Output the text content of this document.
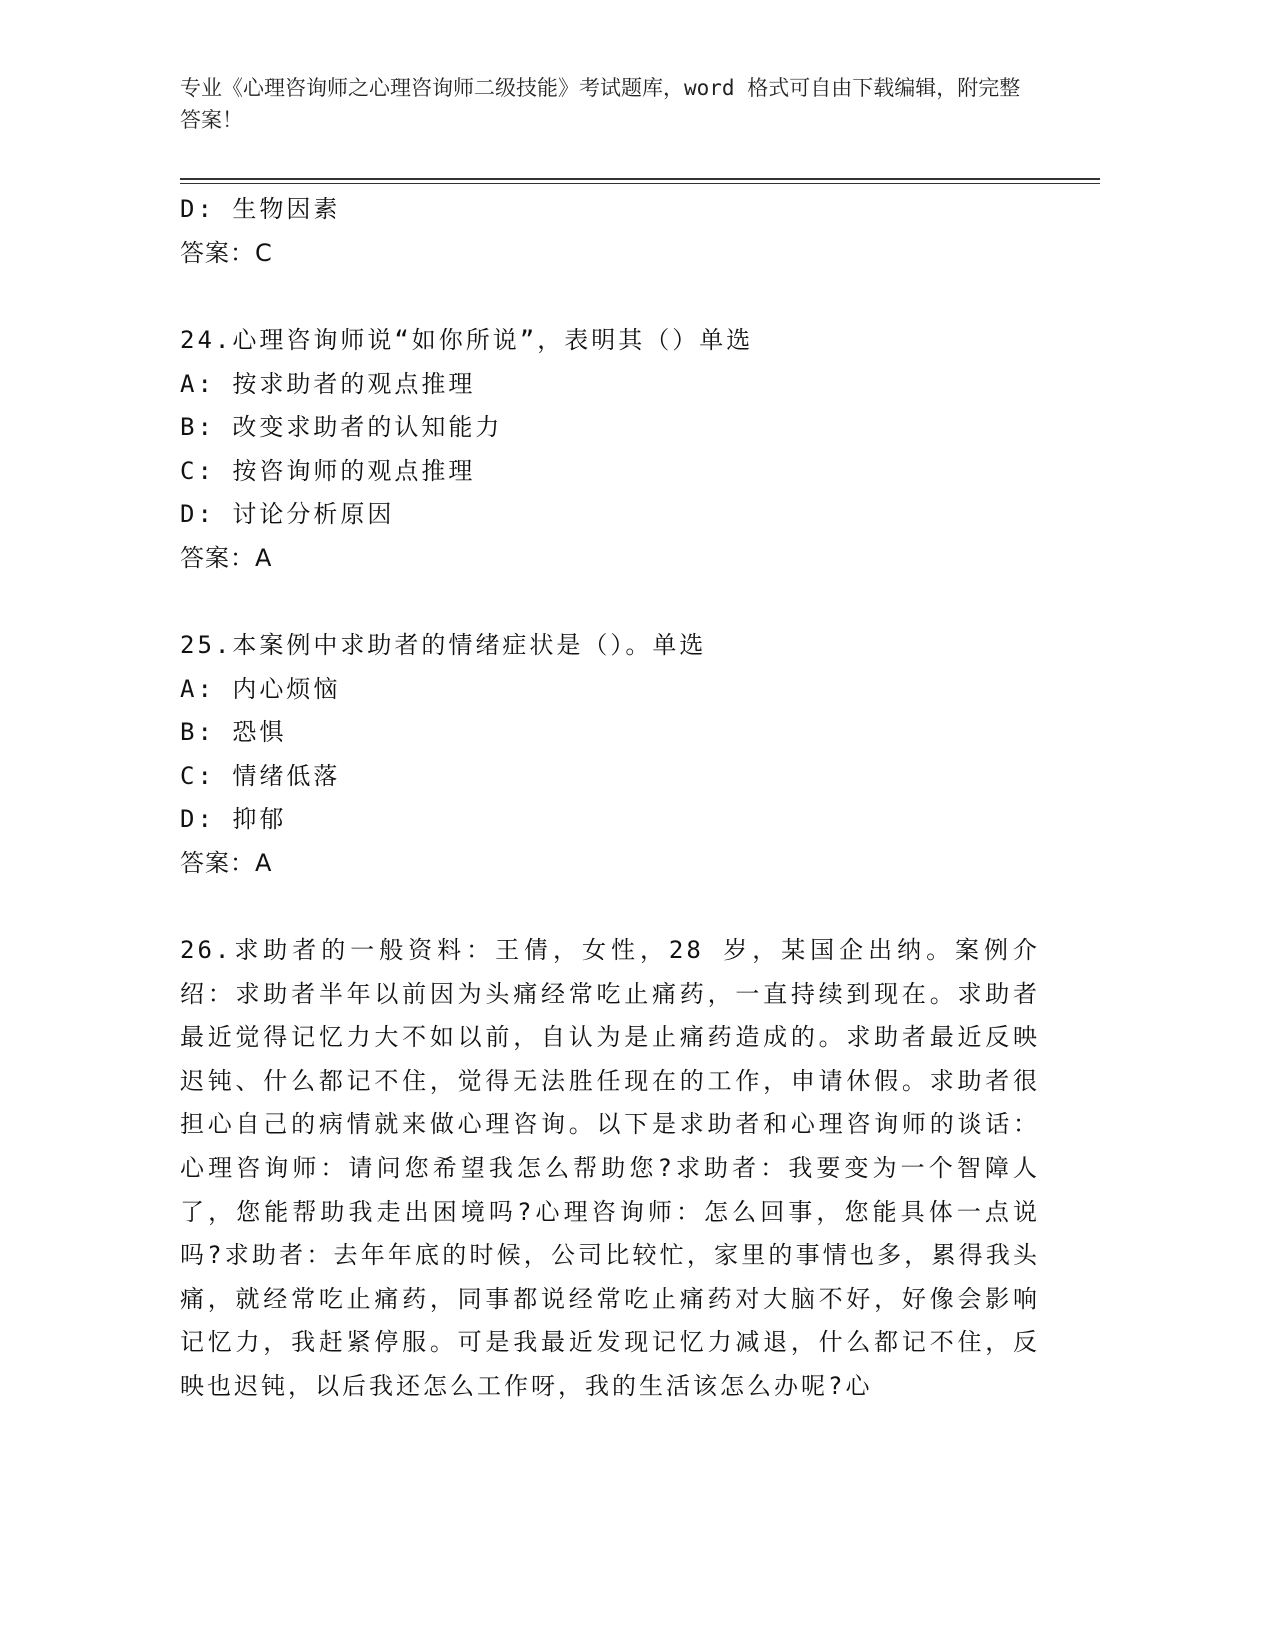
专业《心理咨询师之心理咨询师二级技能》考试题库，word 格式可自由下载编辑，附完整答案！
D: 生物因素
答案：C
24.心理咨询师说“如你所说”，表明其（）单选
A: 按求助者的观点推理
B: 改变求助者的认知能力
C: 按咨询师的观点推理
D: 讨论分析原因
答案：A
25.本案例中求助者的情绪症状是（）。单选
A: 内心烦恼
B: 恐惧
C: 情绪低落
D: 抑郁
答案：A
26.求助者的一般资料：王倩，女性，28 岁，某国企出纳。案例介绍：求助者半年以前因为头痛经常吃止痛药，一直持续到现在。求助者最近觉得记忆力大不如以前，自认为是止痛药造成的。求助者最近反映迟钝、什么都记不住，觉得无法胜任现在的工作，申请休假。求助者很担心自己的病情就来做心理咨询。以下是求助者和心理咨询师的谈话：心理咨询师：请问您希望我怎么帮助您?求助者：我要变为一个智障人了，您能帮助我走出困境吗?心理咨询师：怎么回事，您能具体一点说吗?求助者：去年年底的时候，公司比较忙，家里的事情也多，累得我头痛，就经常吃止痛药，同事都说经常吃止痛药对大脑不好，好像会影响记忆力，我赶紧停服。可是我最近发现记忆力减退，什么都记不住，反映也迟钝，以后我还怎么工作呀，我的生活该怎么办呢?心
